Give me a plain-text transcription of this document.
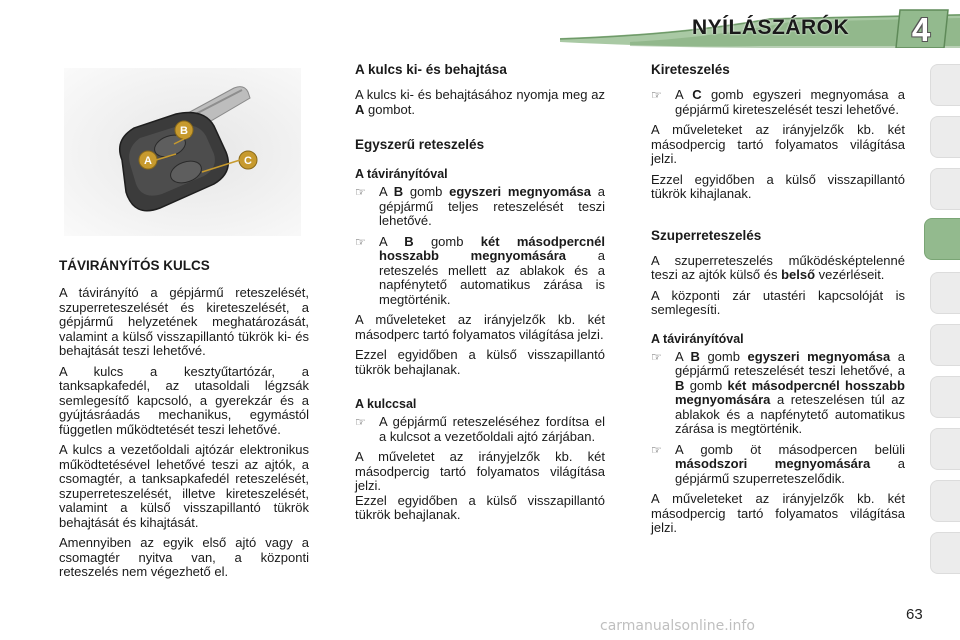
NYÍLÁSZÁRÓK	4
A
B
C
TÁVIRÁNYÍTÓS KULCS

A távirányító a gépjármű reteszelését, szuperreteszelését és kireteszelését, a gépjármű helyzetének meghatározását, valamint a külső visszapillantó tükrök ki- és behajtását teszi lehetővé.

A kulcs a kesztyűtartózár, a tanksapkafedél, az utasoldali légzsák semlegesítő kapcsoló, a gyerekzár és a gyújtásráadás mechanikus, egymástól független működtetését teszi lehetővé.

A kulcs a vezetőoldali ajtózár elektronikus működtetésével lehetővé teszi az ajtók, a csomagtér, a tanksapkafedél reteszelését, szuperreteszelését, illetve kireteszelését, valamint a külső visszapillantó tükrök behajtását és kihajtását.

Amennyiben az egyik első ajtó vagy a csomagtér nyitva van, a központi reteszelés nem végezhető el.

A kulcs ki- és behajtása

A kulcs ki- és behajtásához nyomja meg az A gombot.

Egyszerű reteszelés
A távirányítóval
☞	A B gomb egyszeri megnyomása a gépjármű teljes reteszelését teszi lehetővé.
☞	A B gomb két másodpercnél hosszabb megnyomására a reteszelés mellett az ablakok és a napfénytető automatikus zárása is megtörténik.

A műveleteket az irányjelzők kb. két másodperc tartó folyamatos világítása jelzi.

Ezzel egyidőben a külső visszapillantó tükrök behajlanak.

A kulccsal
☞	A gépjármű reteszeléséhez fordítsa el a kulcsot a vezetőoldali ajtó zárjában.

A műveletet az irányjelzők kb. két másodpercig tartó folyamatos világítása jelzi.

Ezzel egyidőben a külső visszapillantó tükrök behajlanak.

Kireteszelés
☞	A C gomb egyszeri megnyomása a gépjármű kireteszelését teszi lehetővé.

A műveleteket az irányjelzők kb. két másodpercig tartó folyamatos világítása jelzi.

Ezzel egyidőben a külső visszapillantó tükrök kihajlanak.

Szuperreteszelés

A szuperreteszelés működésképtelenné teszi az ajtók külső és belső vezérléseit.

A központi zár utastéri kapcsolóját is semlegesíti.

A távirányítóval
☞	A B gomb egyszeri megnyomása a gépjármű reteszelését teszi lehetővé, a B gomb két másodpercnél hosszabb megnyomására a reteszelésen túl az ablakok és a napfénytető automatikus zárása is megtörténik.
☞	A gomb öt másodpercen belüli másodszori megnyomására a gépjármű szuperreteszelődik.

A műveleteket az irányjelzők kb. két másodpercig tartó folyamatos világítása jelzi.

63
carmanualsonline.info
